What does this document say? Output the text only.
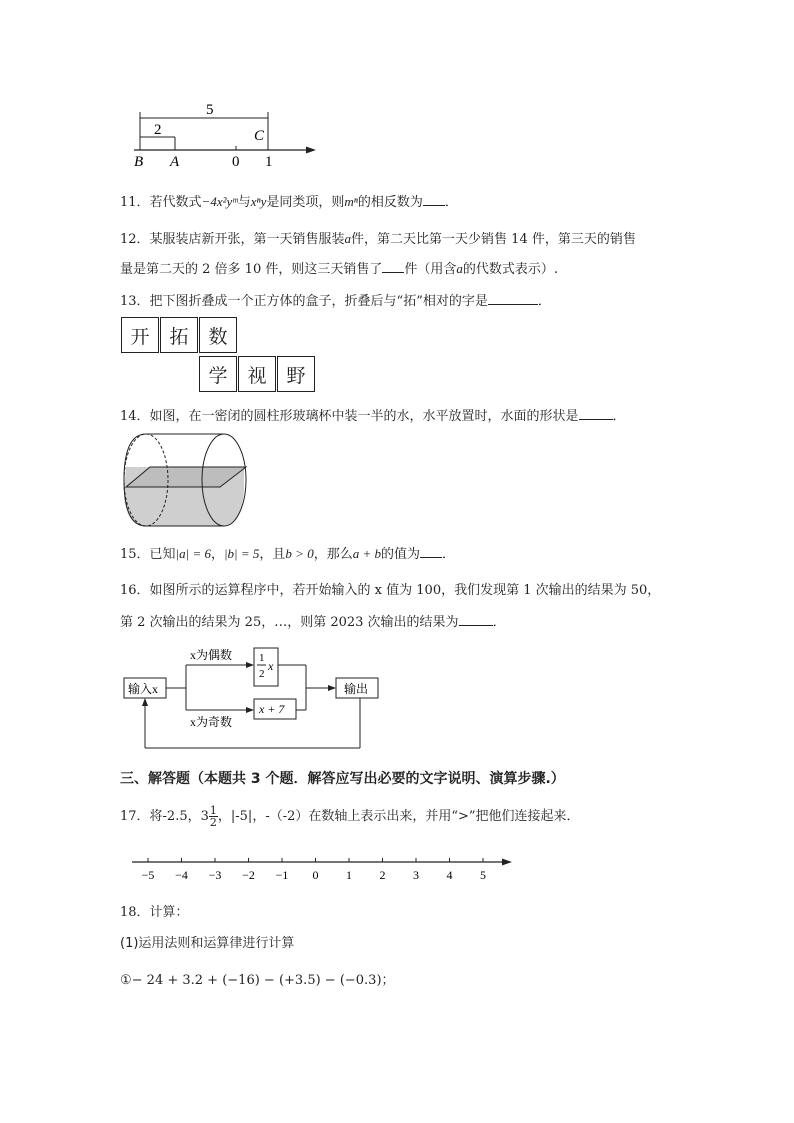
5
2	C
B A	0 1
11．若代数式−4x²yᵐ与xⁿy是同类项，则mⁿ的相反数为 ．
12．某服装店新开张，第一天销售服装a件，第二天比第一天少销售 14 件，第三天的销售
量是第二天的 2 倍多 10 件，则这三天销售了 件（用含a的代数式表示）.
13．把下图折叠成一个正方体的盒子，折叠后与“拓”相对的字是	．
开	拓	数
学	视	野
14．如图，在一密闭的圆柱形玻璃杯中装一半的水，水平放置时，水面的形状是	．
15．已知|a| = 6，|b| = 5，且b > 0，那么a + b的值为 ．
16．如图所示的运算程序中，若开始输入的 x 值为 100，我们发现第 1 次输出的结果为 50，
第 2 次输出的结果为 25，…，则第 2023 次输出的结果为	．
输入x
x为偶数
x为奇数
1
2
x
x + 7
输出
三、解答题（本题共 3 个题．解答应写出必要的文字说明、演算步骤.）
17．将-2.5， $3 \frac{1}{2}$ ，|-5|，-（-2）在数轴上表示出来，并用“>”把他们连接起来．
−5 −4 −3 −2 −1 0 1 2 3 4 5
18．计算：
(1)运用法则和运算律进行计算
①− 24 + 3.2 + (−16) − (+3.5) − (−0.3)；
